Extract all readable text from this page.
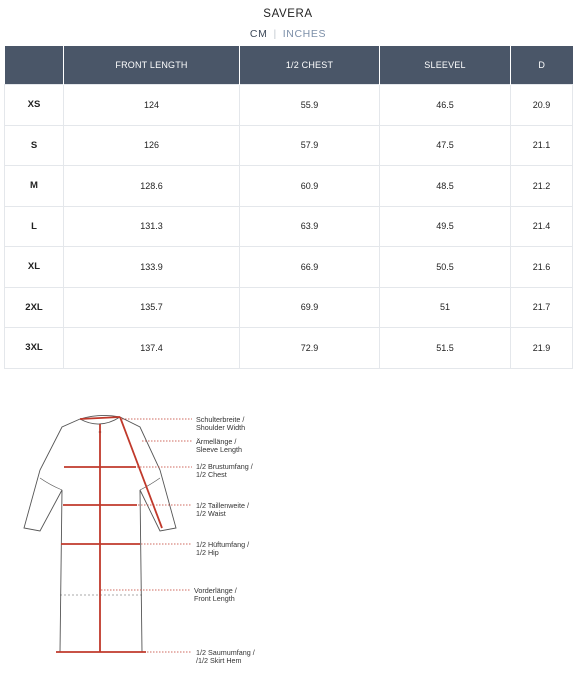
SAVERA
CM | INCHES
	FRONT LENGTH	1/2 CHEST	SLEEVEL	D
XS	124	55.9	46.5	20.9
S	126	57.9	47.5	21.1
M	128.6	60.9	48.5	21.2
L	131.3	63.9	49.5	21.4
XL	133.9	66.9	50.5	21.6
2XL	135.7	69.9	51	21.7
3XL	137.4	72.9	51.5	21.9
Schulterbreite /
Shoulder Width
Ärmellänge /
Sleeve Length
1/2 Brustumfang /
1/2 Chest
1/2 Taillenweite /
1/2 Waist
1/2 Hüftumfang /
1/2 Hip
Vorderlänge /
Front Length
1/2 Saumumfang /
/1/2 Skirt Hem
